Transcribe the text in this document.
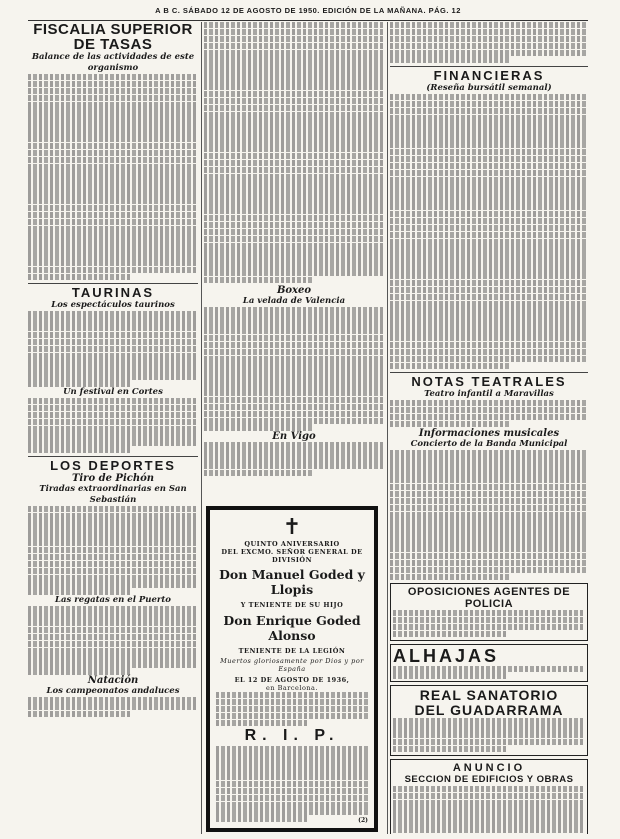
A B C. SÁBADO 12 DE AGOSTO DE 1950. EDICIÓN DE LA MAÑANA. PÁG. 12
FISCALIA SUPERIOR DE TASAS
Balance de las actividades de este organismo
TAURINAS
Los espectáculos taurinos
Un festival en Cortes
LOS DEPORTES
Tiro de Pichón
Tiradas extraordinarias en San Sebastián
Las regatas en el Puerto
Natación
Los campeonatos andaluces
Boxeo
La velada de Valencia
En Vigo
✝
QUINTO ANIVERSARIO
DEL EXCMO. SEÑOR GENERAL DE DIVISIÓN
Don Manuel Goded y Llopis
Y TENIENTE DE SU HIJO
Don Enrique Goded Alonso
TENIENTE DE LA LEGIÓN
Muertos gloriosamente por Dios y por España
EL 12 DE AGOSTO DE 1936,
en Barcelona.
R. I. P.
(2)
FINANCIERAS
(Reseña bursátil semanal)
NOTAS TEATRALES
Teatro infantil a Maravillas
Informaciones musicales
Concierto de la Banda Municipal
OPOSICIONES AGENTES DE POLICIA
ALHAJAS
REAL SANATORIO
DEL GUADARRAMA
ANUNCIO
SECCION DE EDIFICIOS Y OBRAS
